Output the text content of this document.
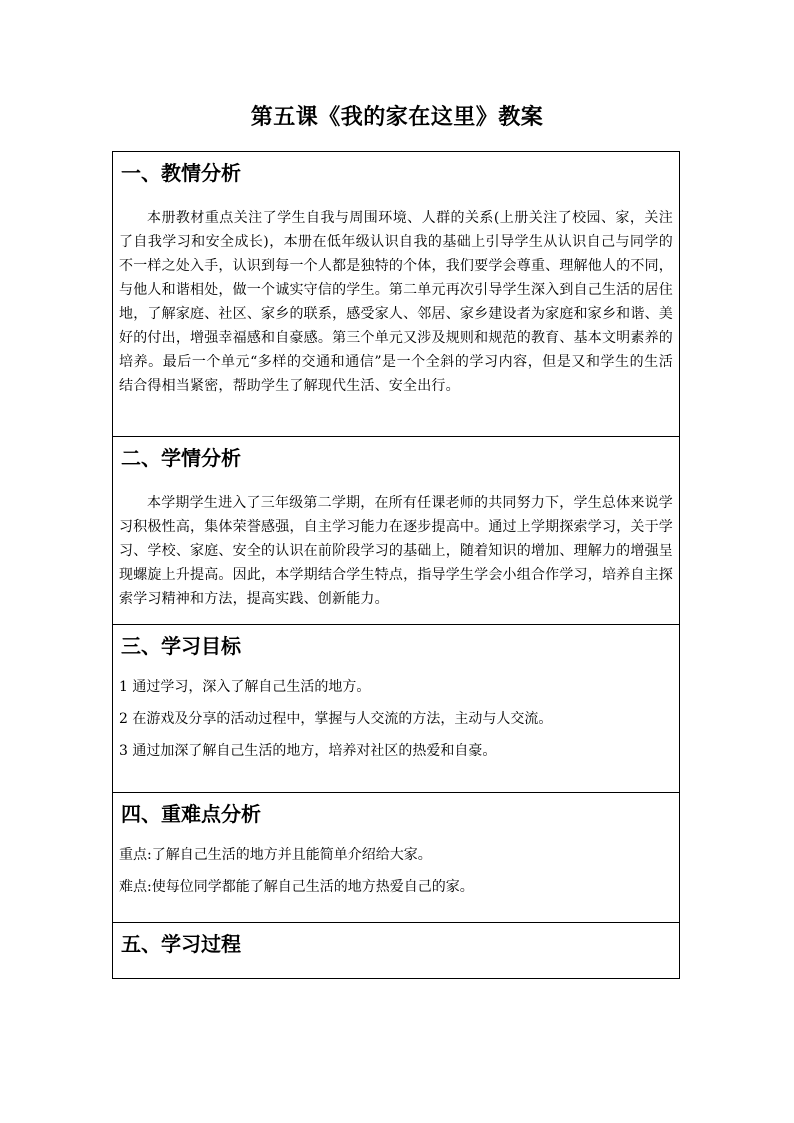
第五课《我的家在这里》教案
一、教情分析

本册教材重点关注了学生自我与周围环境、人群的关系(上册关注了校园、家，关注了自我学习和安全成长)，本册在低年级认识自我的基础上引导学生从认识自己与同学的不一样之处入手，认识到每一个人都是独特的个体，我们要学会尊重、理解他人的不同，与他人和谐相处，做一个诚实守信的学生。第二单元再次引导学生深入到自己生活的居住地，了解家庭、社区、家乡的联系，感受家人、邻居、家乡建设者为家庭和家乡和谐、美好的付出，增强幸福感和自豪感。第三个单元又涉及规则和规范的教育、基本文明素养的培养。最后一个单元“多样的交通和通信”是一个全斜的学习内容，但是又和学生的生活结合得相当紧密，帮助学生了解现代生活、安全出行。

二、学情分析

本学期学生进入了三年级第二学期，在所有任课老师的共同努力下，学生总体来说学习积极性高，集体荣誉感强，自主学习能力在逐步提高中。通过上学期探索学习，关于学习、学校、家庭、安全的认识在前阶段学习的基础上，随着知识的增加、理解力的增强呈现螺旋上升提高。因此，本学期结合学生特点，指导学生学会小组合作学习，培养自主探索学习精神和方法，提高实践、创新能力。

三、学习目标

1 通过学习，深入了解自己生活的地方。

2 在游戏及分享的活动过程中，掌握与人交流的方法，主动与人交流。

3 通过加深了解自己生活的地方，培养对社区的热爱和自豪。

四、重难点分析

重点:了解自己生活的地方并且能简单介绍给大家。

难点:使每位同学都能了解自己生活的地方热爱自己的家。

五、学习过程
